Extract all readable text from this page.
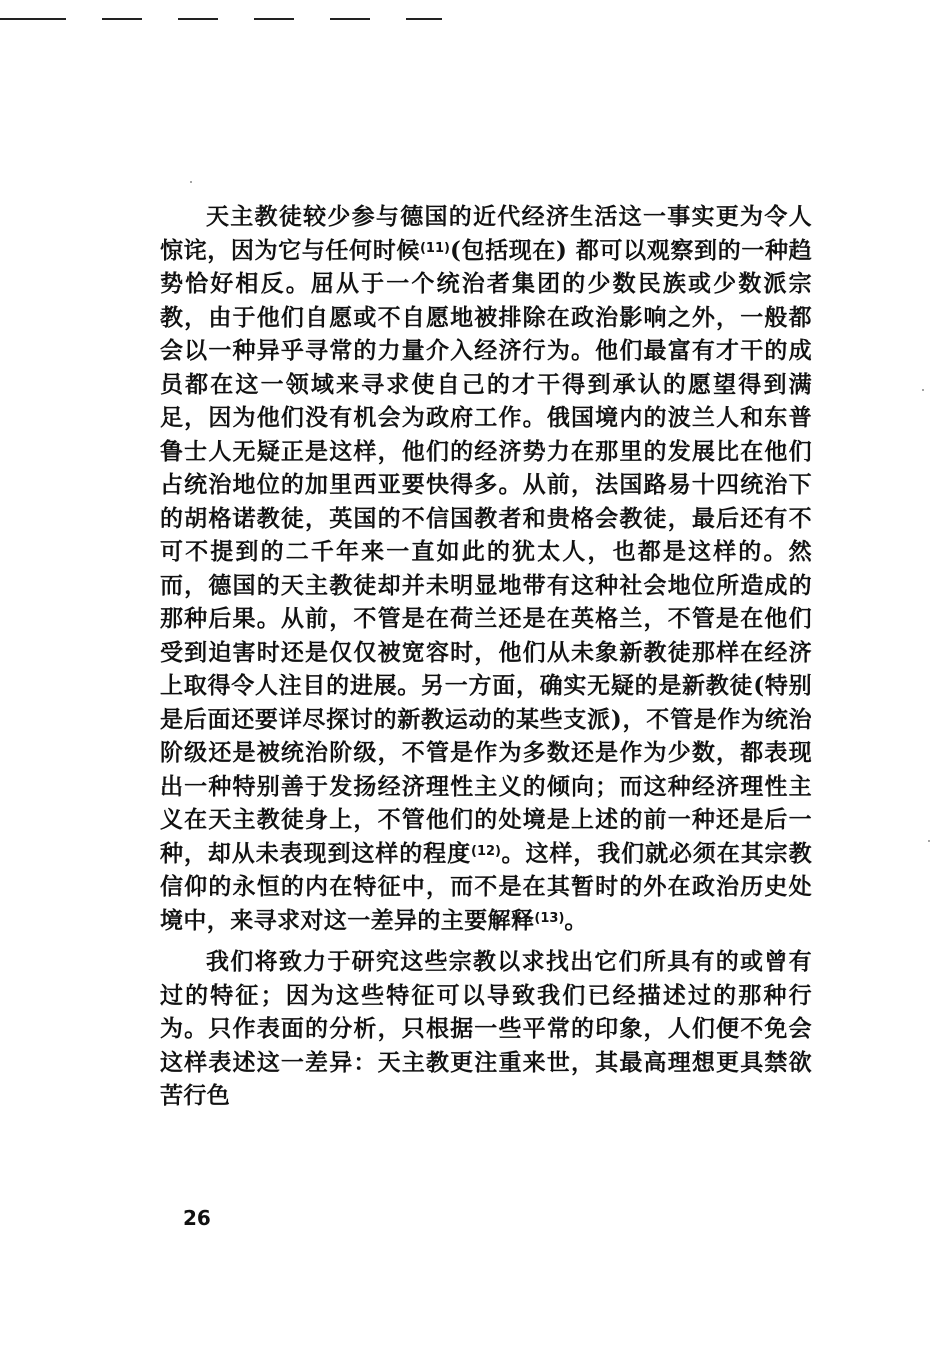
天主教徒较少参与德国的近代经济生活这一事实更为令人惊诧，因为它与任何时候$^{(11)}$(包括现在) 都可以观察到的一种趋势恰好相反。屈从于一个统治者集团的少数民族或少数派宗教，由于他们自愿或不自愿地被排除在政治影响之外，一般都会以一种异乎寻常的力量介入经济行为。他们最富有才干的成员都在这一领域来寻求使自己的才干得到承认的愿望得到满足，因为他们没有机会为政府工作。俄国境内的波兰人和东普鲁士人无疑正是这样，他们的经济势力在那里的发展比在他们占统治地位的加里西亚要快得多。从前，法国路易十四统治下的胡格诺教徒，英国的不信国教者和贵格会教徒，最后还有不可不提到的二千年来一直如此的犹太人，也都是这样的。然而，德国的天主教徒却并未明显地带有这种社会地位所造成的那种后果。从前，不管是在荷兰还是在英格兰，不管是在他们受到迫害时还是仅仅被宽容时，他们从未象新教徒那样在经济上取得令人注目的进展。另一方面，确实无疑的是新教徒(特别是后面还要详尽探讨的新教运动的某些支派)，不管是作为统治阶级还是被统治阶级，不管是作为多数还是作为少数，都表现出一种特别善于发扬经济理性主义的倾向；而这种经济理性主义在天主教徒身上，不管他们的处境是上述的前一种还是后一种，却从未表现到这样的程度$^{(12)}$。这样，我们就必须在其宗教信仰的永恒的内在特征中，而不是在其暂时的外在政治历史处境中，来寻求对这一差异的主要解释$^{(13)}$。

我们将致力于研究这些宗教以求找出它们所具有的或曾有过的特征；因为这些特征可以导致我们已经描述过的那种行为。只作表面的分析，只根据一些平常的印象，人们便不免会这样表述这一差异：天主教更注重来世，其最高理想更具禁欲苦行色

26
